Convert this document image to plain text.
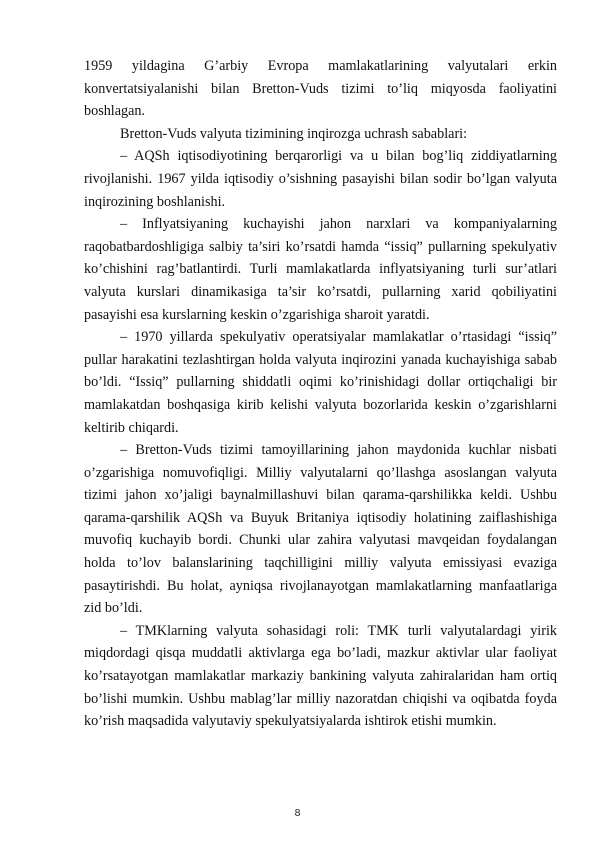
1959 yildagina G’arbiy Evropa mamlakatlarining valyutalari erkin konvertatsiyalanishi bilan Bretton-Vuds tizimi to’liq miqyosda faoliyatini boshlagan.

Bretton-Vuds valyuta tizimining inqirozga uchrash sabablari:

– AQSh iqtisodiyotining berqarorligi va u bilan bog’liq ziddiyatlarning rivojlanishi. 1967 yilda iqtisodiy o’sishning pasayishi bilan sodir bo’lgan valyuta inqirozining boshlanishi.

– Inflyatsiyaning kuchayishi jahon narxlari va kompaniyalarning raqobatbardoshligiga salbiy ta’siri ko’rsatdi hamda “issiq” pullarning spekulyativ ko’chishini rag’batlantirdi. Turli mamlakatlarda inflyatsiyaning turli sur’atlari valyuta kurslari dinamikasiga ta’sir ko’rsatdi, pullarning xarid qobiliyatini pasayishi esa kurslarning keskin o’zgarishiga sharoit yaratdi.

– 1970 yillarda spekulyativ operatsiyalar mamlakatlar o’rtasidagi “issiq” pullar harakatini tezlashtirgan holda valyuta inqirozini yanada kuchayishiga sabab bo’ldi. “Issiq” pullarning shiddatli oqimi ko’rinishidagi dollar ortiqchaligi bir mamlakatdan boshqasiga kirib kelishi valyuta bozorlarida keskin o’zgarishlarni keltirib chiqardi.

– Bretton-Vuds tizimi tamoyillarining jahon maydonida kuchlar nisbati o’zgarishiga nomuvofiqligi. Milliy valyutalarni qo’llashga asoslangan valyuta tizimi jahon xo’jaligi baynalmillashuvi bilan qarama-qarshilikka keldi. Ushbu qarama-qarshilik AQSh va Buyuk Britaniya iqtisodiy holatining zaiflashishiga muvofiq kuchayib bordi. Chunki ular zahira valyutasi mavqeidan foydalangan holda to’lov balanslarining taqchilligini milliy valyuta emissiyasi evaziga pasaytirishdi. Bu holat, ayniqsa rivojlanayotgan mamlakatlarning manfaatlariga zid bo’ldi.

– TMKlarning valyuta sohasidagi roli: TMK turli valyutalardagi yirik miqdordagi qisqa muddatli aktivlarga ega bo’ladi, mazkur aktivlar ular faoliyat ko’rsatayotgan mamlakatlar markaziy bankining valyuta zahiralaridan ham ortiq bo’lishi mumkin. Ushbu mablag’lar milliy nazoratdan chiqishi va oqibatda foyda ko’rish maqsadida valyutaviy spekulyatsiyalarda ishtirok etishi mumkin.

8
